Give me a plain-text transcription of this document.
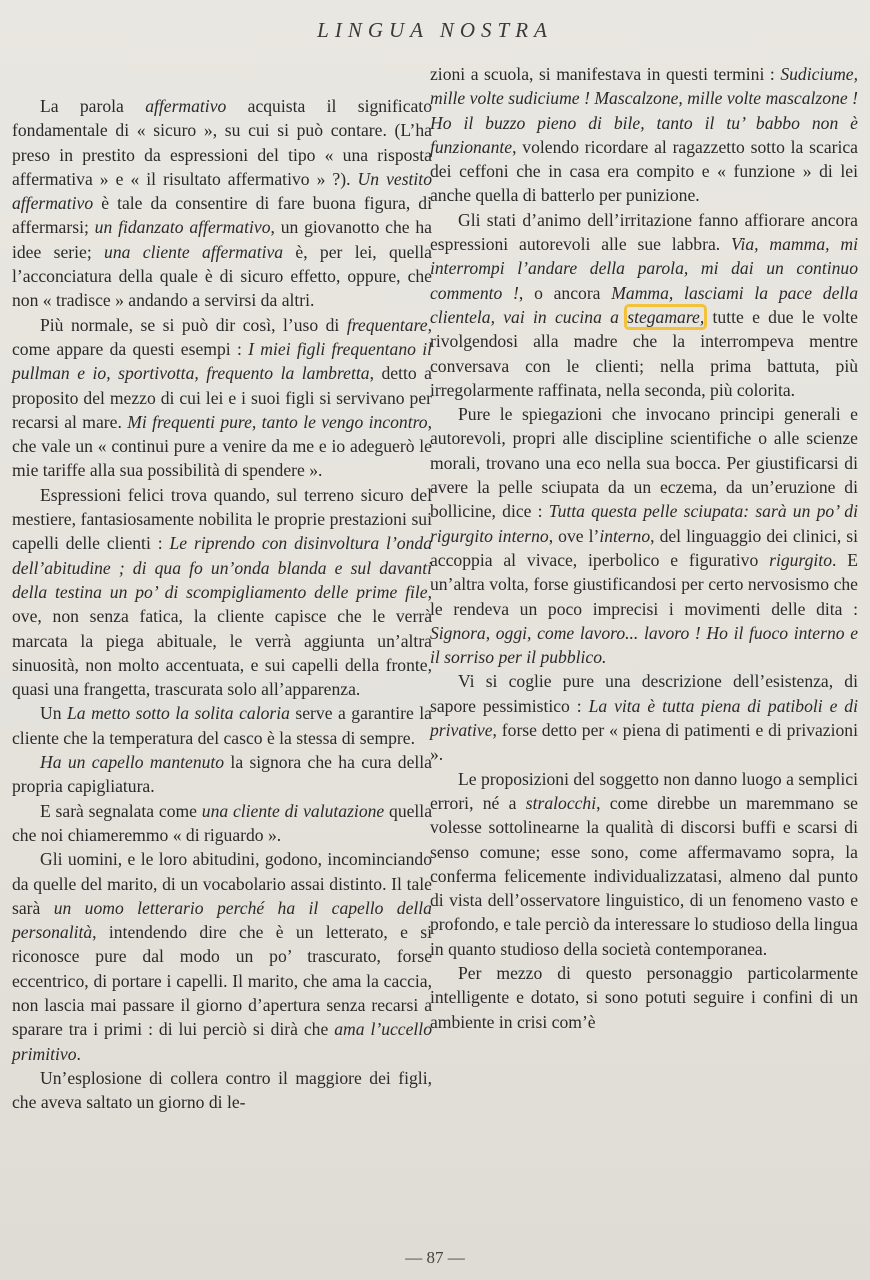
LINGUA NOSTRA

La parola affermativo acquista il significato fondamentale di « sicuro », su cui si può contare. (L’ha preso in prestito da espressioni del tipo « una risposta affermativa » e « il risultato affermativo » ?). Un vestito affermativo è tale da consentire di fare buona figura, di affermarsi; un fidanzato affermativo, un giovanotto che ha idee serie; una cliente affermativa è, per lei, quella l’acconciatura della quale è di sicuro effetto, oppure, che non « tradisce » andando a servirsi da altri.

Più normale, se si può dir così, l’uso di frequentare, come appare da questi esempi : I miei figli frequentano il pullman e io, sportivotta, frequento la lambretta, detto a proposito del mezzo di cui lei e i suoi figli si servivano per recarsi al mare. Mi frequenti pure, tanto le vengo incontro, che vale un « continui pure a venire da me e io adeguerò le mie tariffe alla sua possibilità di spendere ».

Espressioni felici trova quando, sul terreno sicuro del mestiere, fantasiosamente nobilita le proprie prestazioni sui capelli delle clienti : Le riprendo con disinvoltura l’onda dell’abitudine ; di qua fo un’onda blanda e sul davanti della testina un po’ di scompigliamento delle prime file, ove, non senza fatica, la cliente capisce che le verrà marcata la piega abituale, le verrà aggiunta un’altra sinuosità, non molto accentuata, e sui capelli della fronte, quasi una frangetta, trascurata solo all’apparenza.

Un La metto sotto la solita caloria serve a garantire la cliente che la temperatura del casco è la stessa di sempre.

Ha un capello mantenuto la signora che ha cura della propria capigliatura.

E sarà segnalata come una cliente di valutazione quella che noi chiameremmo « di riguardo ».

Gli uomini, e le loro abitudini, godono, incominciando da quelle del marito, di un vocabolario assai distinto. Il tale sarà un uomo letterario perché ha il capello della personalità, intendendo dire che è un letterato, e si riconosce pure dal modo un po’ trascurato, forse eccentrico, di portare i capelli. Il marito, che ama la caccia, non lascia mai passare il giorno d’apertura senza recarsi a sparare tra i primi : di lui perciò si dirà che ama l’uccello primitivo.

Un’esplosione di collera contro il maggiore dei figli, che aveva saltato un giorno di le-

zioni a scuola, si manifestava in questi termini : Sudiciume, mille volte sudiciume ! Mascalzone, mille volte mascalzone ! Ho il buzzo pieno di bile, tanto il tu’ babbo non è funzionante, volendo ricordare al ragazzetto sotto la scarica dei ceffoni che in casa era compito e « funzione » di lei anche quella di batterlo per punizione.

Gli stati d’animo dell’irritazione fanno affiorare ancora espressioni autorevoli alle sue labbra. Via, mamma, mi interrompi l’andare della parola, mi dai un continuo commento !, o ancora Mamma, lasciami la pace della clientela, vai in cucina a stegamare, tutte e due le volte rivolgendosi alla madre che la interrompeva mentre conversava con le clienti; nella prima battuta, più irregolarmente raffinata, nella seconda, più colorita.

Pure le spiegazioni che invocano principi generali e autorevoli, propri alle discipline scientifiche o alle scienze morali, trovano una eco nella sua bocca. Per giustificarsi di avere la pelle sciupata da un eczema, da un’eruzione di bollicine, dice : Tutta questa pelle sciupata: sarà un po’ di rigurgito interno, ove l’interno, del linguaggio dei clinici, si accoppia al vivace, iperbolico e figurativo rigurgito. E un’altra volta, forse giustificandosi per certo nervosismo che le rendeva un poco imprecisi i movimenti delle dita : Signora, oggi, come lavoro... lavoro ! Ho il fuoco interno e il sorriso per il pubblico.

Vi si coglie pure una descrizione dell’esistenza, di sapore pessimistico : La vita è tutta piena di patiboli e di privative, forse detto per « piena di patimenti e di privazioni ».

Le proposizioni del soggetto non danno luogo a semplici errori, né a stralocchi, come direbbe un maremmano se volesse sottolinearne la qualità di discorsi buffi e scarsi di senso comune; esse sono, come affermavamo sopra, la conferma felicemente individualizzatasi, almeno dal punto di vista dell’osservatore linguistico, di un fenomeno vasto e profondo, e tale perciò da interessare lo studioso della lingua in quanto studioso della società contemporanea.

Per mezzo di questo personaggio particolarmente intelligente e dotato, si sono potuti seguire i confini di un ambiente in crisi com’è

— 87 —
